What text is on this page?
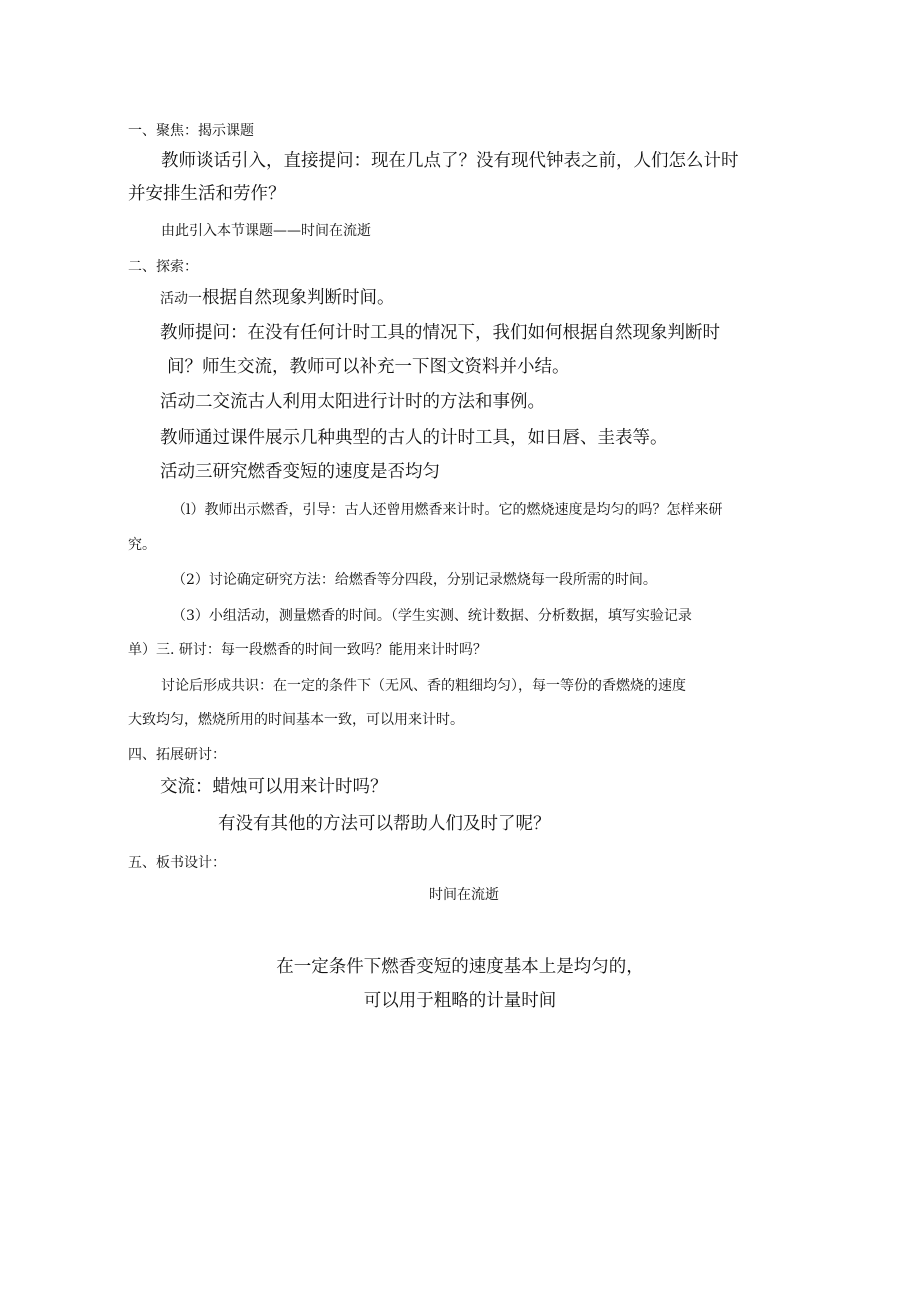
一、聚焦：揭示课题
教师谈话引入，直接提问：现在几点了？没有现代钟表之前，人们怎么计时
并安排生活和劳作？
由此引入本节课题——时间在流逝
二、探索：
活动一根据自然现象判断时间。
教师提问：在没有任何计时工具的情况下，我们如何根据自然现象判断时
间？师生交流，教师可以补充一下图文资料并小结。
活动二交流古人利用太阳进行计时的方法和事例。
教师通过课件展示几种典型的古人的计时工具，如日唇、圭表等。
活动三研究燃香变短的速度是否均匀
（l）教师出示燃香，引导：古人还曾用燃香来计时。它的燃烧速度是均匀的吗？怎样来研
究。
（2）讨论确定研究方法：给燃香等分四段，分别记录燃烧每一段所需的时间。
（3）小组活动，测量燃香的时间。（学生实测、统计数据、分析数据，填写实验记录
单）三. 研讨：每一段燃香的时间一致吗？能用来计时吗？
讨论后形成共识：在一定的条件下（无风、香的粗细均匀），每一等份的香燃烧的速度
大致均匀，燃烧所用的时间基本一致，可以用来计时。
四、拓展研讨：
交流：蜡烛可以用来计时吗？
有没有其他的方法可以帮助人们及时了呢？
五、板书设计：
时间在流逝
在一定条件下燃香变短的速度基本上是均匀的，
可以用于粗略的计量时间
